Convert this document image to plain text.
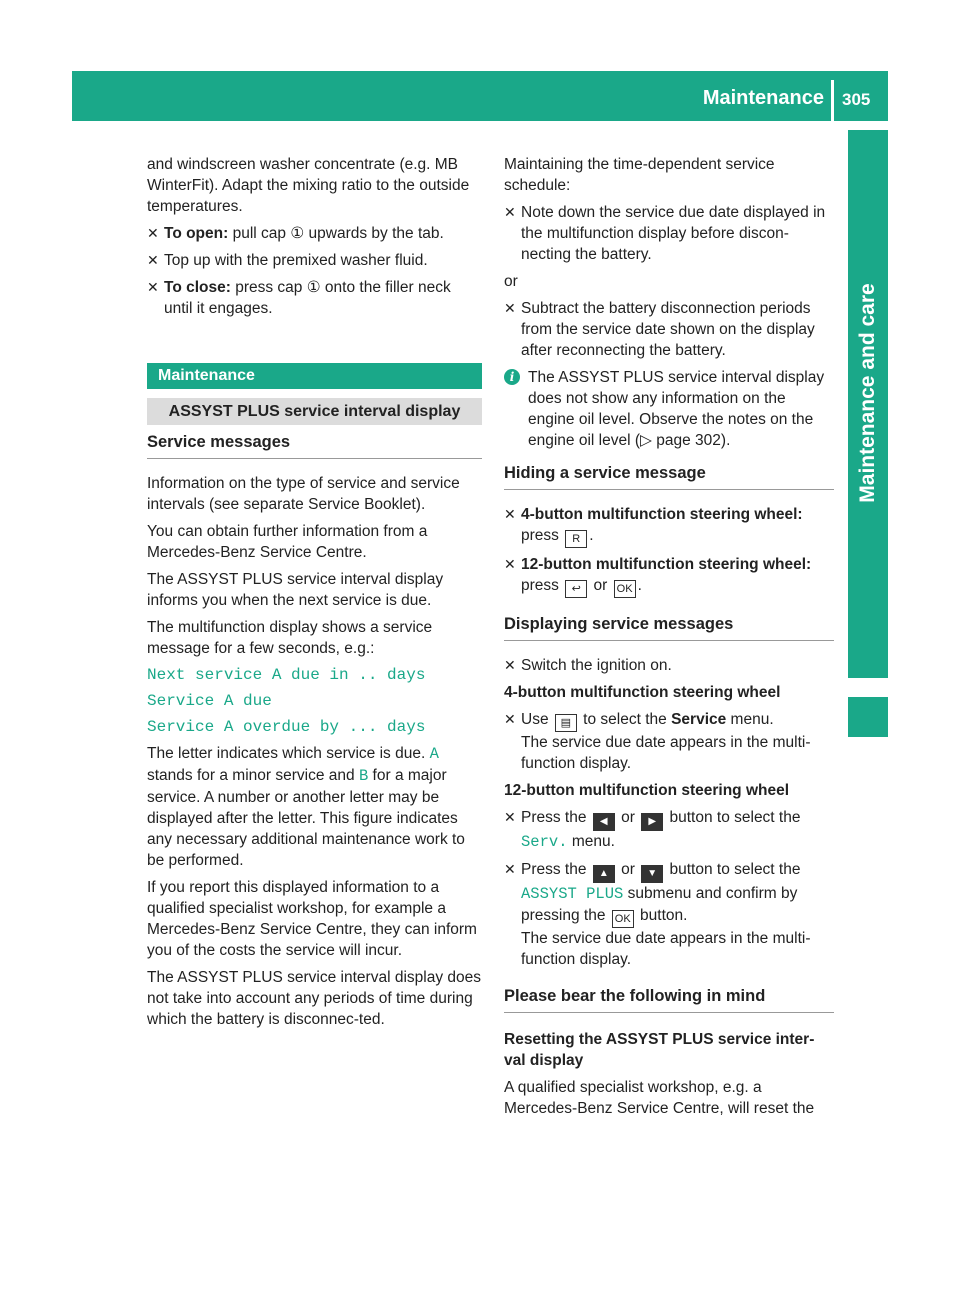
Maintenance 305
Maintenance and care

and windscreen washer concentrate (e.g. MB WinterFit). Adapt the mixing ratio to the outside temperatures.

✕ To open: pull cap ① upwards by the tab.
✕ Top up with the premixed washer fluid.
✕ To close: press cap ① onto the filler neck until it engages.
Maintenance
ASSYST PLUS service interval display
Service messages

Information on the type of service and service intervals (see separate Service Booklet).

You can obtain further information from a Mercedes-Benz Service Centre.

The ASSYST PLUS service interval display informs you when the next service is due.

The multifunction display shows a service message for a few seconds, e.g.:

Next service A due in .. days
Service A due
Service A overdue by ... days

The letter indicates which service is due. A stands for a minor service and B for a major service. A number or another letter may be displayed after the letter. This figure indicates any necessary additional maintenance work to be performed.

If you report this displayed information to a qualified specialist workshop, for example a Mercedes-Benz Service Centre, they can inform you of the costs the service will incur.

The ASSYST PLUS service interval display does not take into account any periods of time during which the battery is disconnec-ted.

Maintaining the time-dependent service schedule:

✕ Note down the service due date displayed in the multifunction display before discon-necting the battery.

or

✕ Subtract the battery disconnection periods from the service date shown on the display after reconnecting the battery.
i The ASSYST PLUS service interval display does not show any information on the engine oil level. Observe the notes on the engine oil level (▷ page 302).
Hiding a service message
✕ 4-button multifunction steering wheel:
press R .
✕ 12-button multifunction steering wheel: press ↩ or OK .
Displaying service messages
✕ Switch the ignition on.
4-button multifunction steering wheel
✕ Use ▤ to select the Service menu.
The service due date appears in the multi-function display.
12-button multifunction steering wheel
✕ Press the ◀ or ▶ button to select the Serv. menu.
✕ Press the ▲ or ▼ button to select the ASSYST PLUS submenu and confirm by pressing the OK button.
The service due date appears in the multi-function display.
Please bear the following in mind
Resetting the ASSYST PLUS service inter-val display

A qualified specialist workshop, e.g. a Mercedes-Benz Service Centre, will reset the
